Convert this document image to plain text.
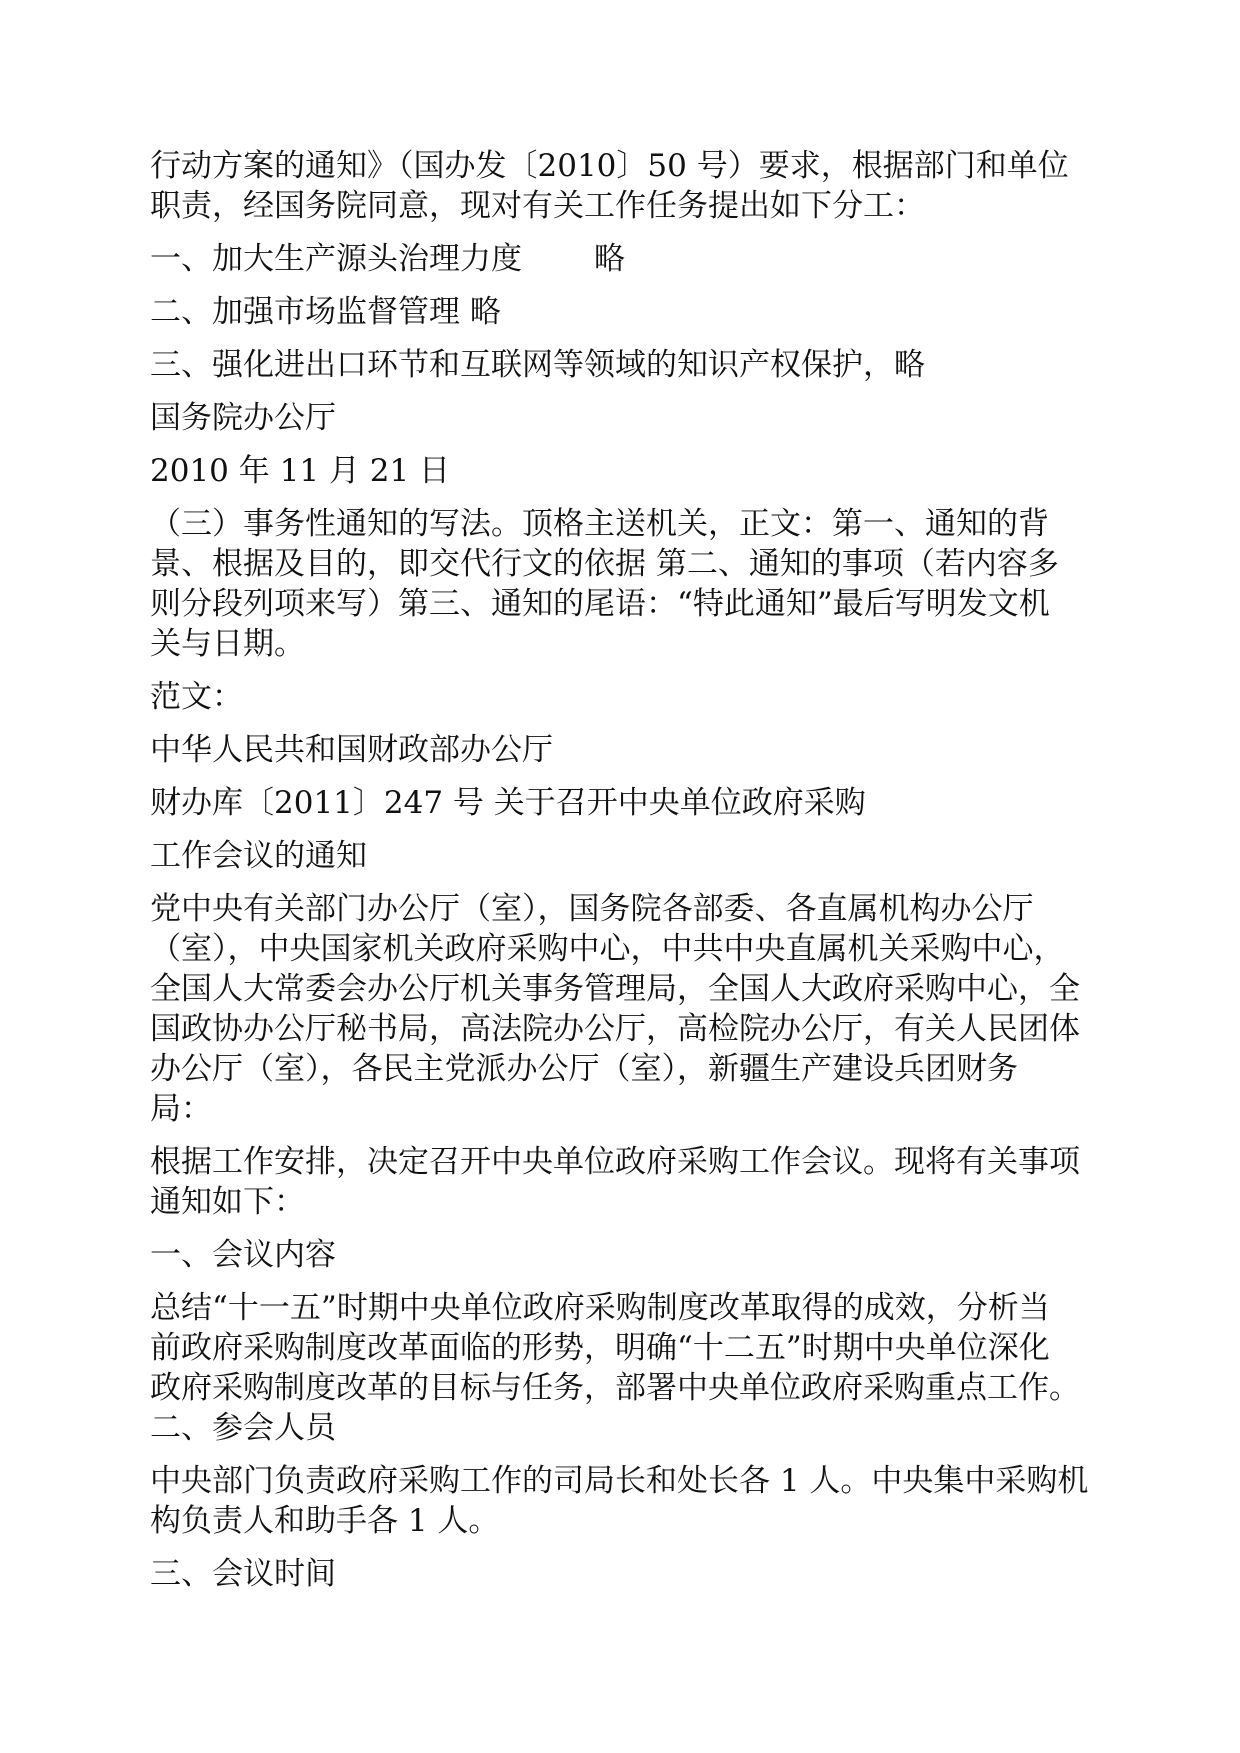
行动方案的通知》（国办发〔2010〕50 号）要求，根据部门和单位
职责，经国务院同意，现对有关工作任务提出如下分工：

一、加大生产源头治理力度 略

二、加强市场监督管理 略

三、强化进出口环节和互联网等领域的知识产权保护，略

国务院办公厅

2010 年 11 月 21 日

（三）事务性通知的写法。顶格主送机关，正文：第一、通知的背
景、根据及目的，即交代行文的依据 第二、通知的事项（若内容多
则分段列项来写）第三、通知的尾语：“特此通知”最后写明发文机
关与日期。

范文：

中华人民共和国财政部办公厅

财办库〔2011〕247 号 关于召开中央单位政府采购

工作会议的通知

党中央有关部门办公厅（室），国务院各部委、各直属机构办公厅
（室），中央国家机关政府采购中心，中共中央直属机关采购中心，
全国人大常委会办公厅机关事务管理局，全国人大政府采购中心，全
国政协办公厅秘书局，高法院办公厅，高检院办公厅，有关人民团体
办公厅（室），各民主党派办公厅（室），新疆生产建设兵团财务
局：

根据工作安排，决定召开中央单位政府采购工作会议。现将有关事项
通知如下：

一、会议内容

总结“十一五”时期中央单位政府采购制度改革取得的成效，分析当
前政府采购制度改革面临的形势，明确“十二五”时期中央单位深化
政府采购制度改革的目标与任务，部署中央单位政府采购重点工作。
二、参会人员

中央部门负责政府采购工作的司局长和处长各 1 人。中央集中采购机
构负责人和助手各 1 人。

三、会议时间
